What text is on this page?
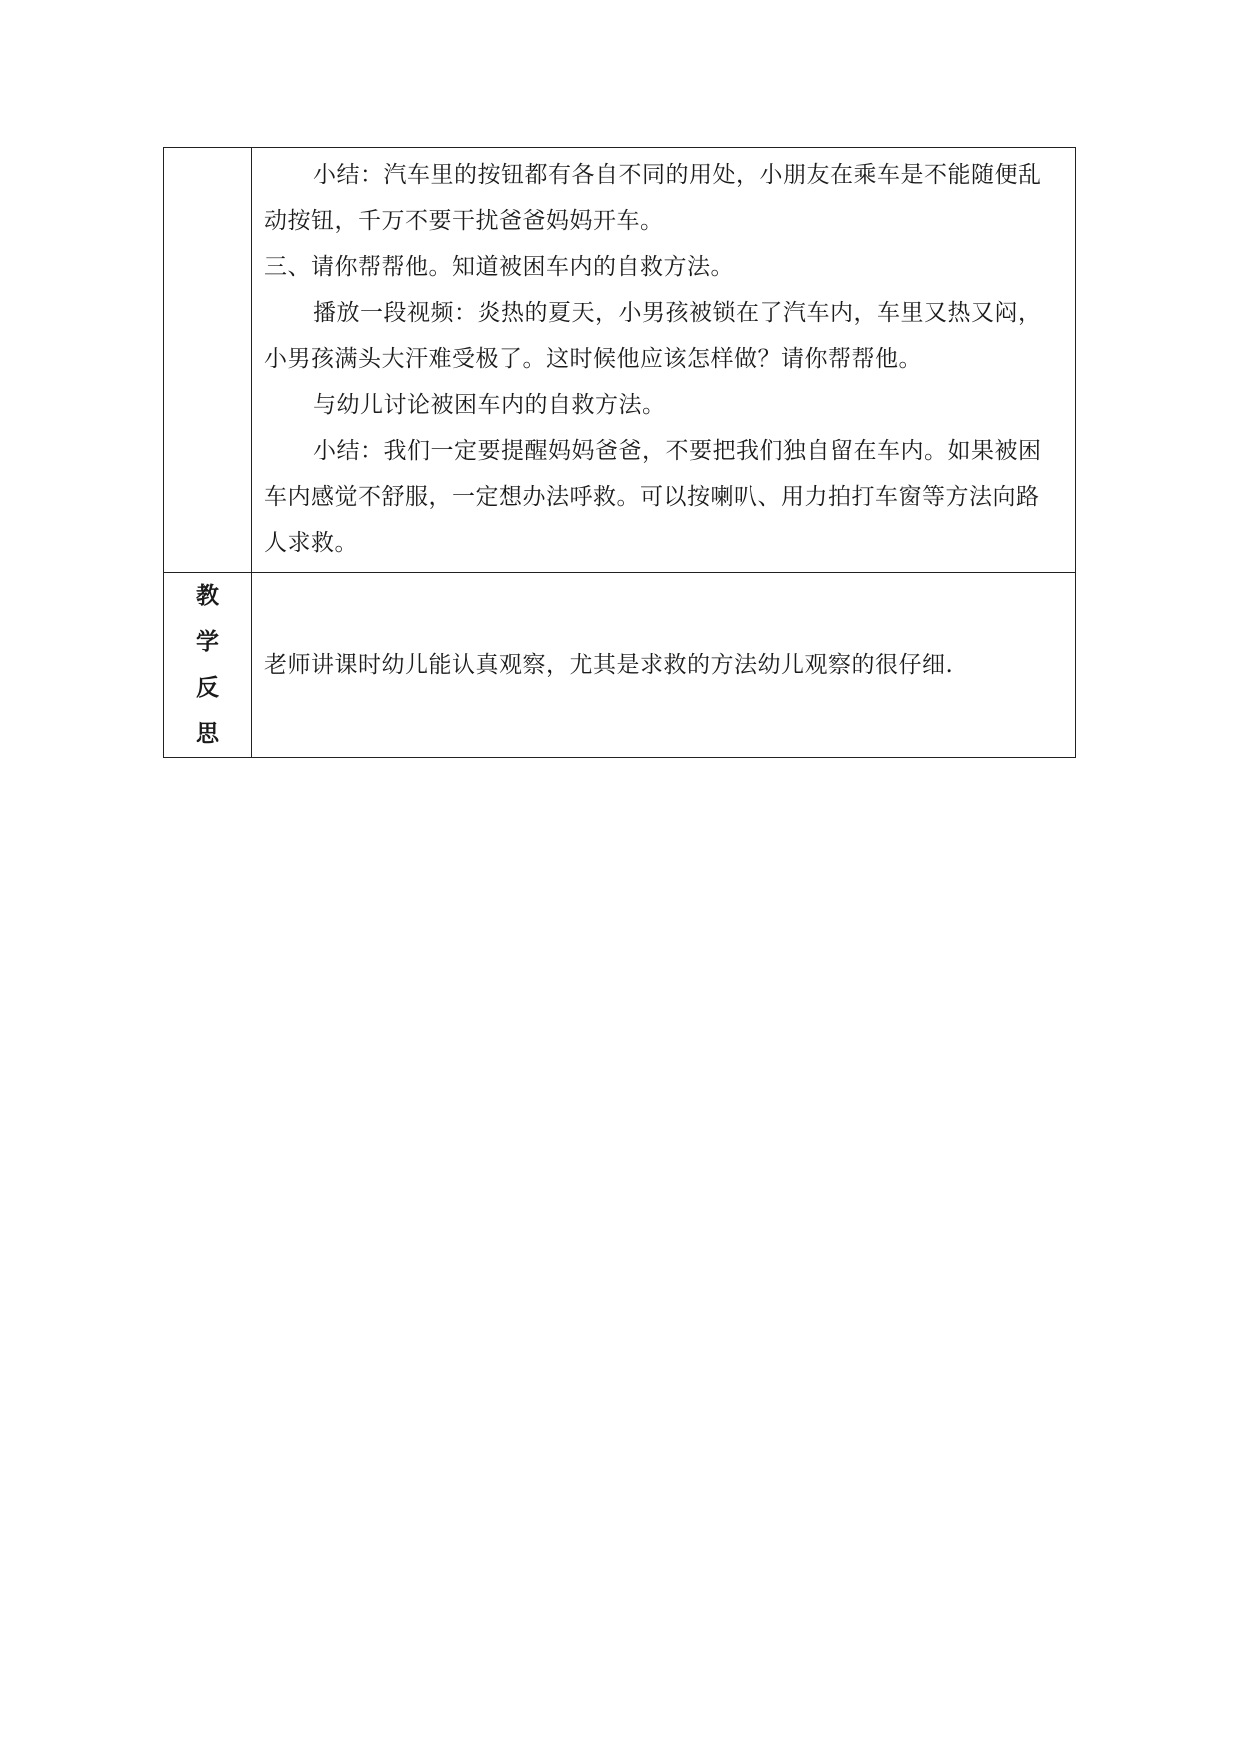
	小结：汽车里的按钮都有各自不同的用处，小朋友在乘车是不能随便乱动按钮，千万不要干扰爸爸妈妈开车。

三、请你帮帮他。知道被困车内的自救方法。

播放一段视频：炎热的夏天，小男孩被锁在了汽车内，车里又热又闷，小男孩满头大汗难受极了。这时候他应该怎样做？请你帮帮他。

与幼儿讨论被困车内的自救方法。

小结：我们一定要提醒妈妈爸爸，不要把我们独自留在车内。如果被困车内感觉不舒服，一定想办法呼救。可以按喇叭、用力拍打车窗等方法向路人求救。

教
学
反
思	老师讲课时幼儿能认真观察，尤其是求救的方法幼儿观察的很仔细.
